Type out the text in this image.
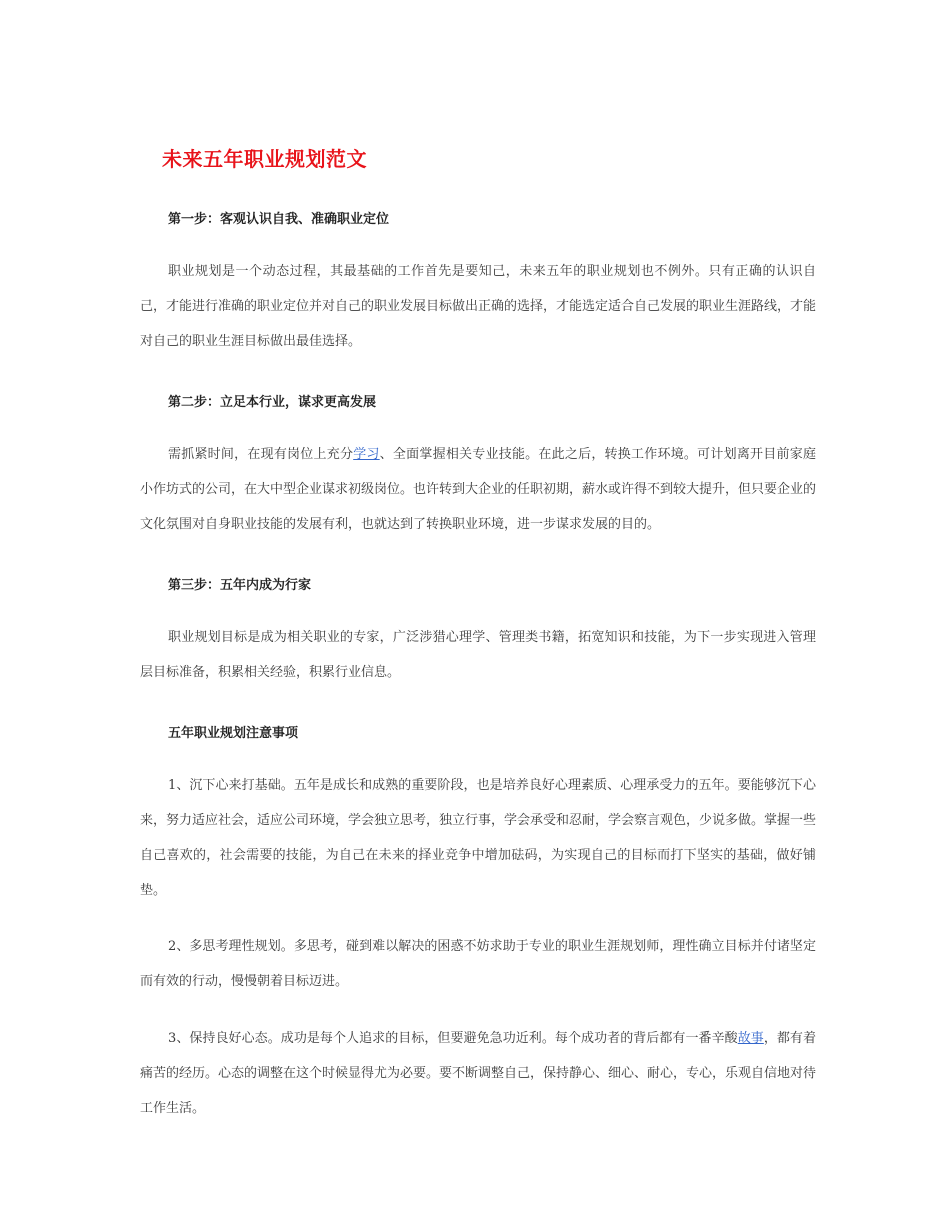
未来五年职业规划范文
第一步：客观认识自我、准确职业定位

职业规划是一个动态过程，其最基础的工作首先是要知己，未来五年的职业规划也不例外。只有正确的认识自己，才能进行准确的职业定位并对自己的职业发展目标做出正确的选择，才能选定适合自己发展的职业生涯路线，才能对自己的职业生涯目标做出最佳选择。

第二步：立足本行业，谋求更高发展

需抓紧时间，在现有岗位上充分学习、全面掌握相关专业技能。在此之后，转换工作环境。可计划离开目前家庭小作坊式的公司，在大中型企业谋求初级岗位。也许转到大企业的任职初期，薪水或许得不到较大提升，但只要企业的文化氛围对自身职业技能的发展有利，也就达到了转换职业环境，进一步谋求发展的目的。

第三步：五年内成为行家

职业规划目标是成为相关职业的专家，广泛涉猎心理学、管理类书籍，拓宽知识和技能，为下一步实现进入管理层目标准备，积累相关经验，积累行业信息。

五年职业规划注意事项

1、沉下心来打基础。五年是成长和成熟的重要阶段，也是培养良好心理素质、心理承受力的五年。要能够沉下心来，努力适应社会，适应公司环境，学会独立思考，独立行事，学会承受和忍耐，学会察言观色，少说多做。掌握一些自己喜欢的，社会需要的技能，为自己在未来的择业竞争中增加砝码，为实现自己的目标而打下坚实的基础，做好铺垫。

2、多思考理性规划。多思考，碰到难以解决的困惑不妨求助于专业的职业生涯规划师，理性确立目标并付诸坚定而有效的行动，慢慢朝着目标迈进。

3、保持良好心态。成功是每个人追求的目标，但要避免急功近利。每个成功者的背后都有一番辛酸故事，都有着痛苦的经历。心态的调整在这个时候显得尤为必要。要不断调整自己，保持静心、细心、耐心，专心，乐观自信地对待工作生活。
